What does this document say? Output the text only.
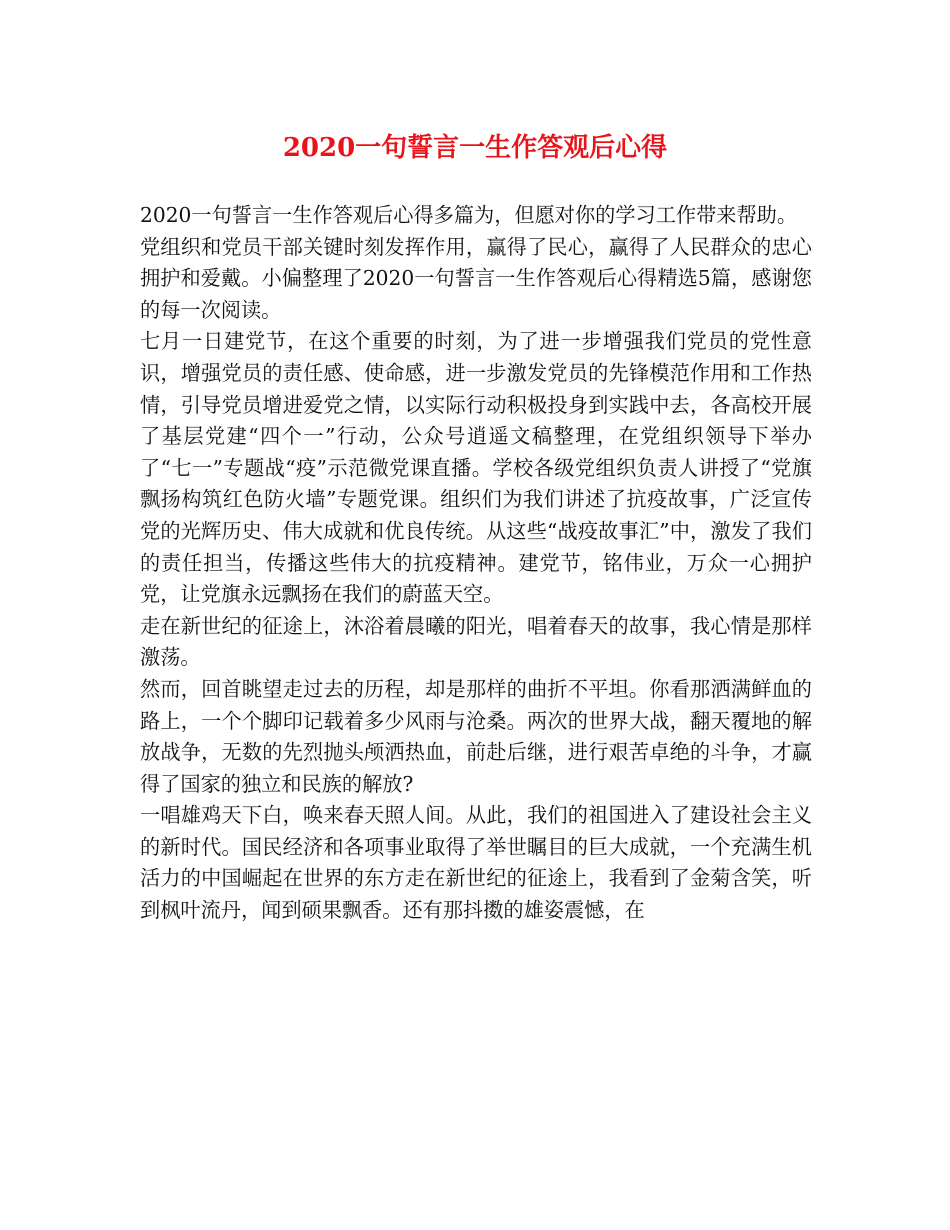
2020一句誓言一生作答观后心得

2020一句誓言一生作答观后心得多篇为，但愿对你的学习工作带来帮助。

党组织和党员干部关键时刻发挥作用，赢得了民心，赢得了人民群众的忠心拥护和爱戴。小偏整理了2020一句誓言一生作答观后心得精选5篇，感谢您的每一次阅读。

七月一日建党节，在这个重要的时刻，为了进一步增强我们党员的党性意识，增强党员的责任感、使命感，进一步激发党员的先锋模范作用和工作热情，引导党员增进爱党之情，以实际行动积极投身到实践中去，各高校开展了基层党建“四个一”行动，公众号逍遥文稿整理，在党组织领导下举办了“七一”专题战“疫”示范微党课直播。学校各级党组织负责人讲授了“党旗飘扬构筑红色防火墙”专题党课。组织们为我们讲述了抗疫故事，广泛宣传党的光辉历史、伟大成就和优良传统。从这些“战疫故事汇”中，激发了我们的责任担当，传播这些伟大的抗疫精神。建党节，铭伟业，万众一心拥护党，让党旗永远飘扬在我们的蔚蓝天空。

走在新世纪的征途上，沐浴着晨曦的阳光，唱着春天的故事，我心情是那样激荡。

然而，回首眺望走过去的历程，却是那样的曲折不平坦。你看那洒满鲜血的路上，一个个脚印记载着多少风雨与沧桑。两次的世界大战，翻天覆地的解放战争，无数的先烈抛头颅洒热血，前赴后继，进行艰苦卓绝的斗争，才赢得了国家的独立和民族的解放?

一唱雄鸡天下白，唤来春天照人间。从此，我们的祖国进入了建设社会主义的新时代。国民经济和各项事业取得了举世瞩目的巨大成就，一个充满生机活力的中国崛起在世界的东方走在新世纪的征途上，我看到了金菊含笑，听到枫叶流丹，闻到硕果飘香。还有那抖擞的雄姿震憾，在
